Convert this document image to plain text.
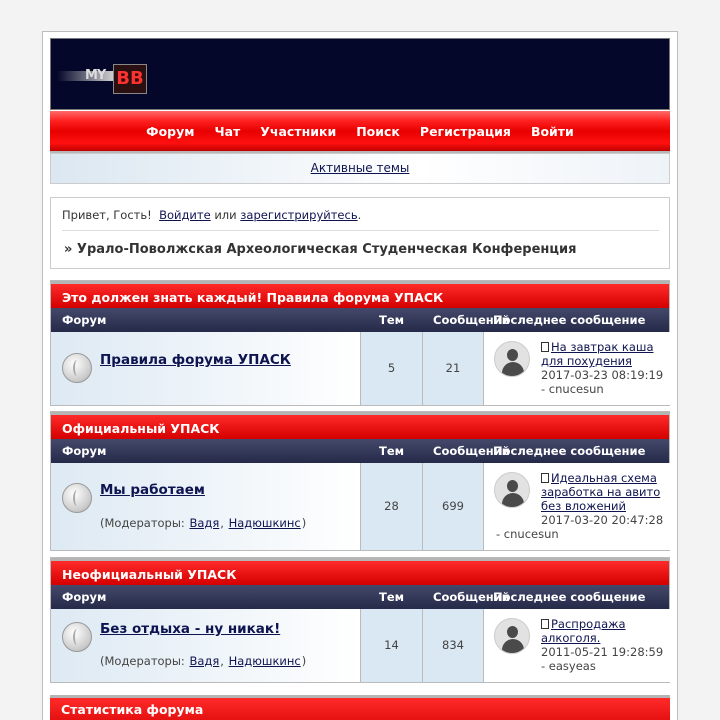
MY BB
Форум Чат Участники Поиск Регистрация Войти
Активные темы
Привет, Гость! Войдите или зарегистрируйтесь.
» Урало-Поволжская Археологическая Студенческая Конференция
Это должен знать каждый! Правила форума УПАСК
Форум	Тем	Сообщений
Последнее сообщение
Правила форума УПАСК	5	21
На завтрак каша для похудения
2017-03-23 08:19:19
- cnucesun
Официальный УПАСК
Форум	Тем	Сообщений
Последнее сообщение
Мы работаем
(Модераторы: Вадя, Надюшкинс)
28	699
Идеальная схема заработка на авито без вложений
2017-03-20 20:47:28
- cnucesun
Неофициальный УПАСК
Форум	Тем	Сообщений
Последнее сообщение
Без отдыха - ну никак!
(Модераторы: Вадя, Надюшкинс)
14	834
Распродажа алкоголя.
2011-05-21 19:28:59
- easyeas
Статистика форума
